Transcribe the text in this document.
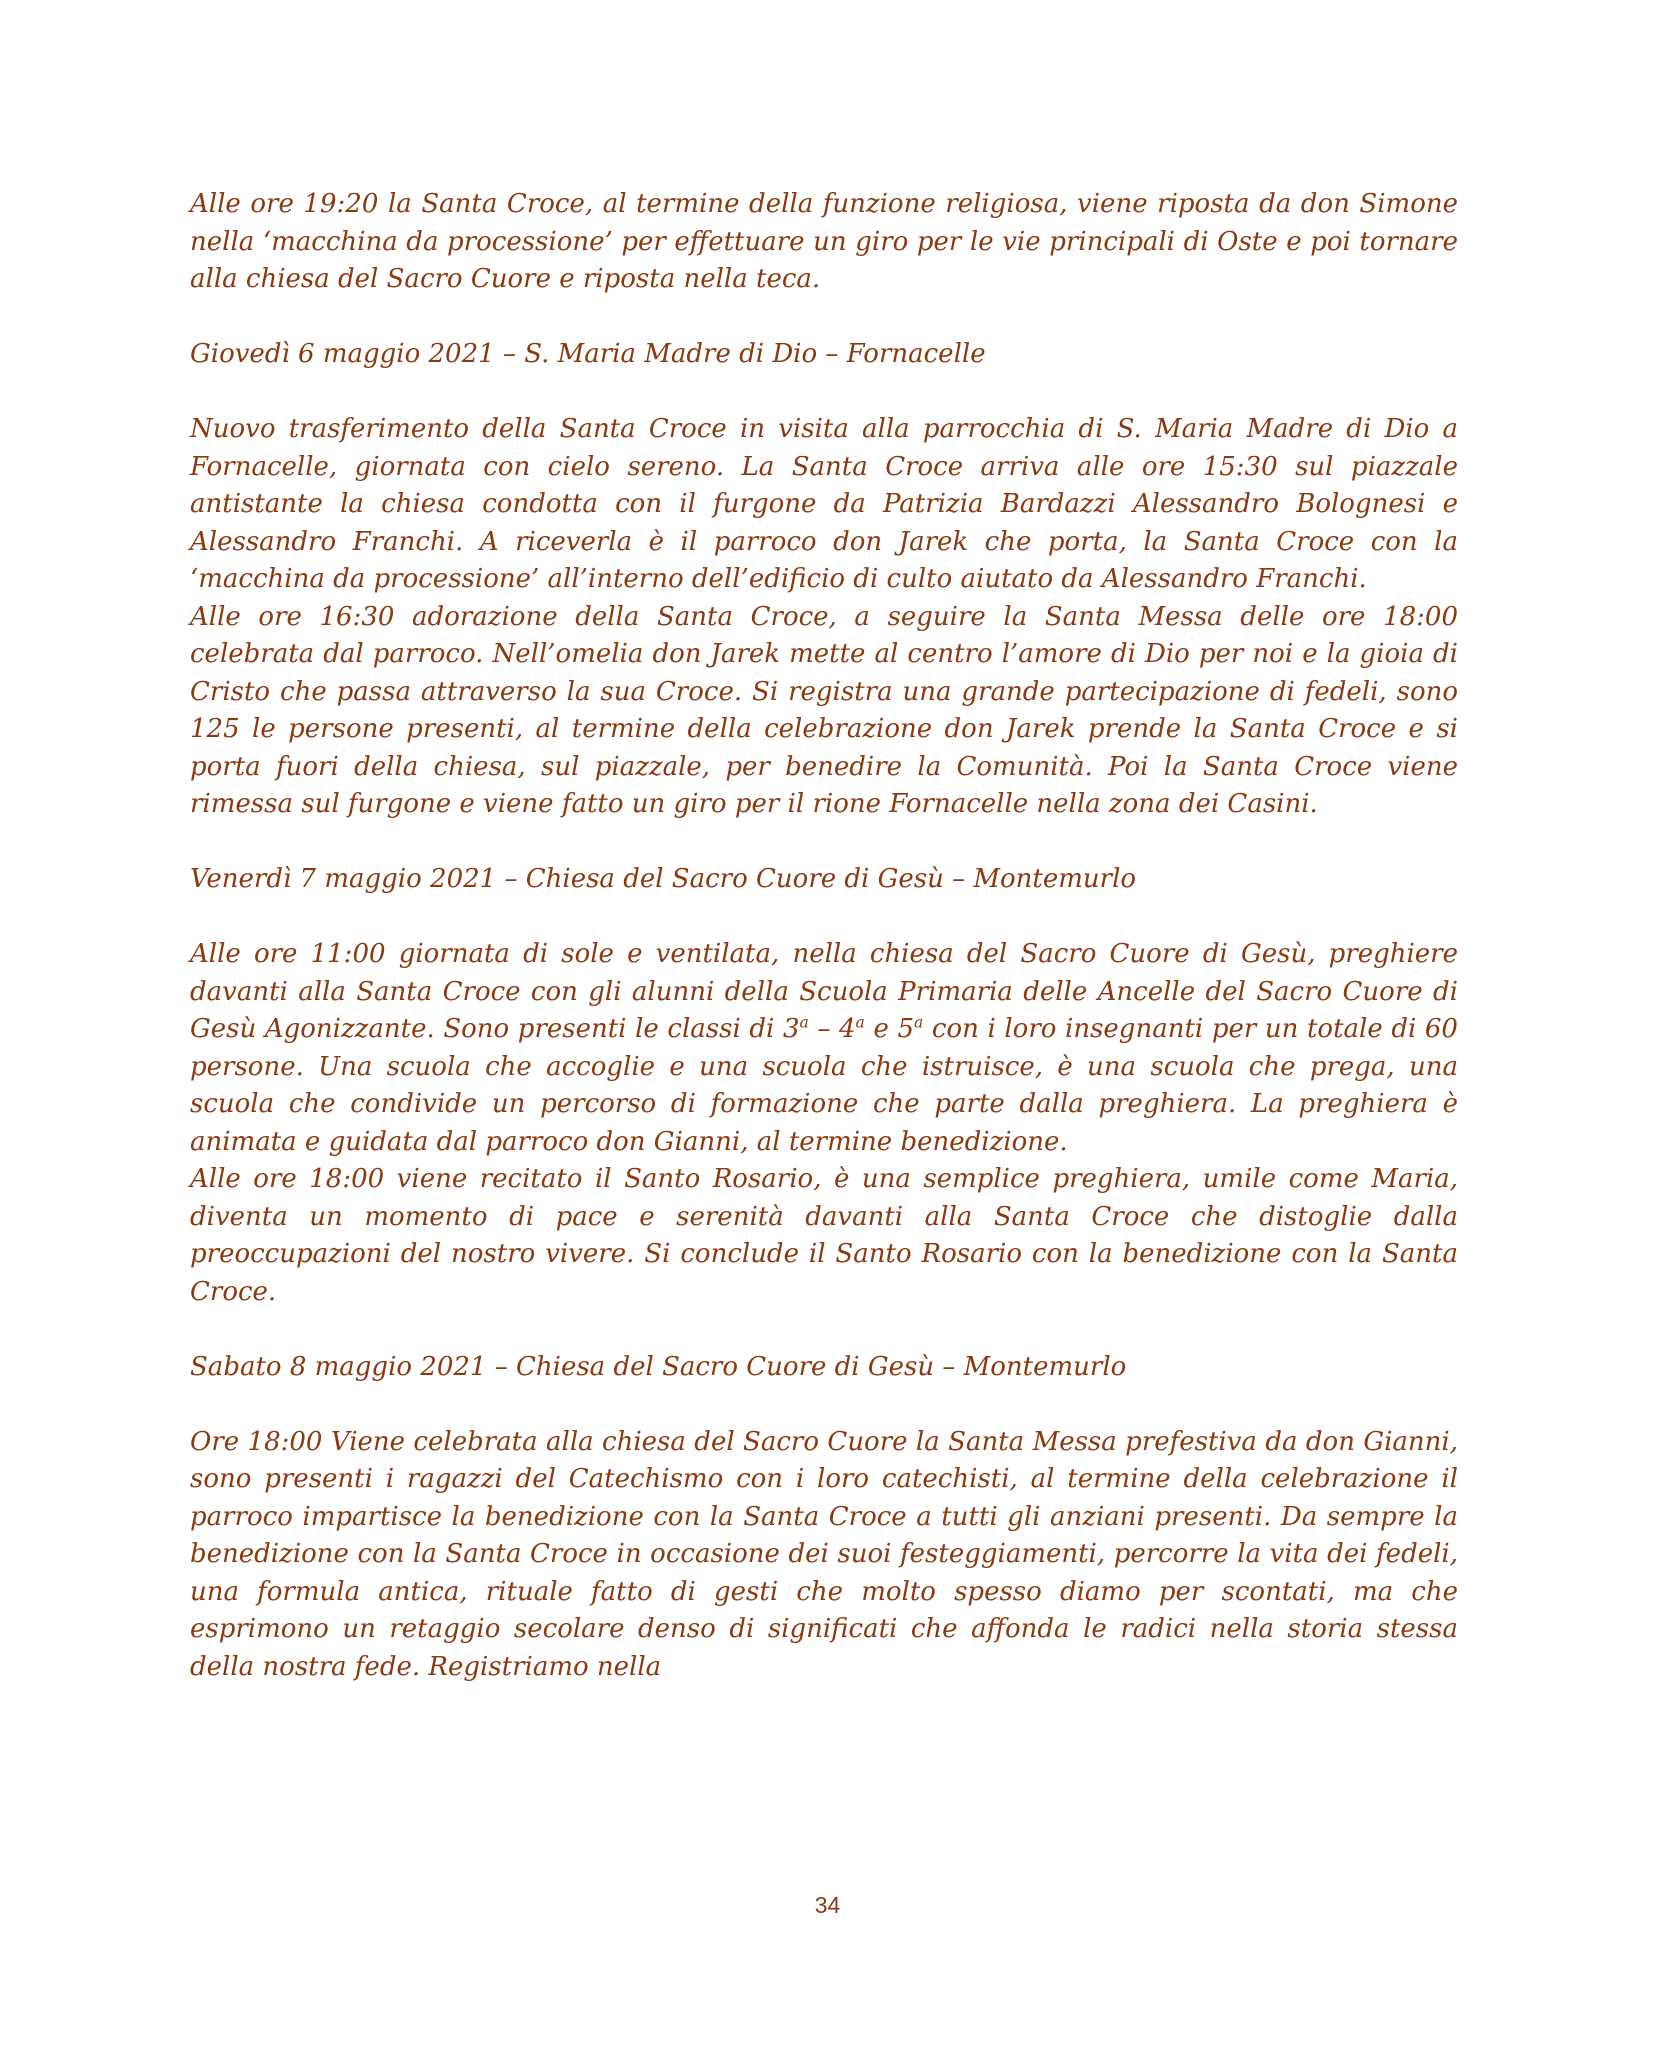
Alle ore 19:20 la Santa Croce, al termine della funzione religiosa, viene riposta da don Simone nella ‘macchina da processione’ per effettuare un giro per le vie principali di Oste e poi tornare alla chiesa del Sacro Cuore e riposta nella teca.

Giovedì 6 maggio 2021 – S. Maria Madre di Dio – Fornacelle

Nuovo trasferimento della Santa Croce in visita alla parrocchia di S. Maria Madre di Dio a Fornacelle, giornata con cielo sereno. La Santa Croce arriva alle ore 15:30 sul piazzale antistante la chiesa condotta con il furgone da Patrizia Bardazzi Alessandro Bolognesi e Alessandro Franchi. A riceverla è il parroco don Jarek che porta, la Santa Croce con la ‘macchina da processione’ all’interno dell’edificio di culto aiutato da Alessandro Franchi.

Alle ore 16:30 adorazione della Santa Croce, a seguire la Santa Messa delle ore 18:00 celebrata dal parroco. Nell’omelia don Jarek mette al centro l’amore di Dio per noi e la gioia di Cristo che passa attraverso la sua Croce. Si registra una grande partecipazione di fedeli, sono 125 le persone presenti, al termine della celebrazione don Jarek prende la Santa Croce e si porta fuori della chiesa, sul piazzale, per benedire la Comunità. Poi la Santa Croce viene rimessa sul furgone e viene fatto un giro per il rione Fornacelle nella zona dei Casini.

Venerdì 7 maggio 2021 – Chiesa del Sacro Cuore di Gesù – Montemurlo

Alle ore 11:00 giornata di sole e ventilata, nella chiesa del Sacro Cuore di Gesù, preghiere davanti alla Santa Croce con gli alunni della Scuola Primaria delle Ancelle del Sacro Cuore di Gesù Agonizzante. Sono presenti le classi di 3$^a$ – 4$^a$ e 5$^a$ con i loro insegnanti per un totale di 60 persone. Una scuola che accoglie e una scuola che istruisce, è una scuola che prega, una scuola che condivide un percorso di formazione che parte dalla preghiera. La preghiera è animata e guidata dal parroco don Gianni, al termine benedizione.

Alle ore 18:00 viene recitato il Santo Rosario, è una semplice preghiera, umile come Maria, diventa un momento di pace e serenità davanti alla Santa Croce che distoglie dalla preoccupazioni del nostro vivere. Si conclude il Santo Rosario con la benedizione con la Santa Croce.

Sabato 8 maggio 2021 – Chiesa del Sacro Cuore di Gesù – Montemurlo

Ore 18:00 Viene celebrata alla chiesa del Sacro Cuore la Santa Messa prefestiva da don Gianni, sono presenti i ragazzi del Catechismo con i loro catechisti, al termine della celebrazione il parroco impartisce la benedizione con la Santa Croce a tutti gli anziani presenti. Da sempre la benedizione con la Santa Croce in occasione dei suoi festeggiamenti, percorre la vita dei fedeli, una formula antica, rituale fatto di gesti che molto spesso diamo per scontati, ma che esprimono un retaggio secolare denso di significati che affonda le radici nella storia stessa della nostra fede. Registriamo nella

34
